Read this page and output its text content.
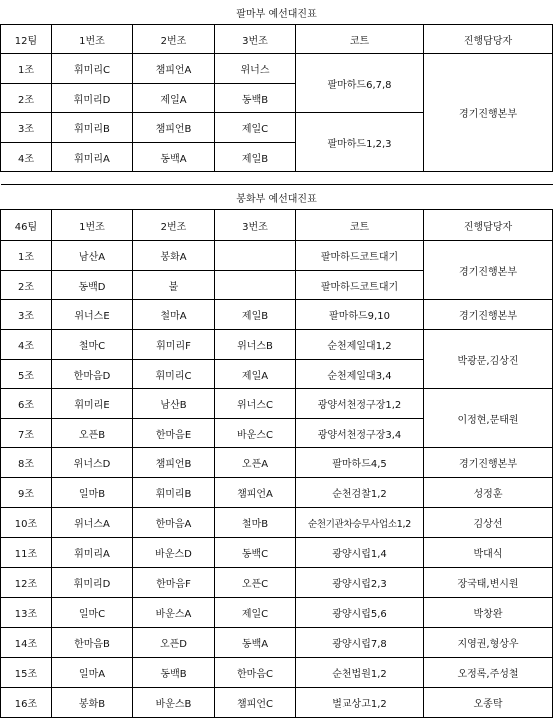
팔마부 예선대진표					
12팀	1번조	2번조	3번조	코트	진행담당자
1조	휘미리C	챔피언A	위너스	팔마하드6,7,8	경기진행본부
2조	휘미리D	제일A	동백B		
3조	휘미리B	챔피언B	제일C	팔마하드1,2,3	
4조	휘미리A	동백A	제일B		

봉화부 예선대진표					
46팀	1번조	2번조	3번조	코트	진행담당자
1조	남산A	봉화A		팔마하드코트대기	경기진행본부
2조	동백D	불		팔마하드코트대기	
3조	위너스E	철마A	제일B	팔마하드9,10	경기진행본부
4조	철마C	휘미리F	위너스B	순천제일대1,2	박광문,김상진
5조	한마음D	휘미리C	제일A	순천제일대3,4	
6조	휘미리E	남산B	위너스C	광양서천정구장1,2	이정현,문태원
7조	오픈B	한마음E	바운스C	광양서천정구장3,4	
8조	위너스D	챔피언B	오픈A	팔마하드4,5	경기진행본부
9조	일마B	휘미리B	챔피언A	순천검찰1,2	성정훈
10조	위너스A	한마음A	철마B	순천기관차승무사업소1,2	김상선
11조	휘미리A	바운스D	동백C	광양시립1,4	박대식
12조	휘미리D	한마음F	오픈C	광양시립2,3	장국태,변시원
13조	일마C	바운스A	제일C	광양시립5,6	박창완
14조	한마음B	오픈D	동백A	광양시립7,8	지영권,형상우
15조	일마A	동백B	한마음C	순천법원1,2	오정록,주성철
16조	봉화B	바운스B	챔피언C	벌교상고1,2	오종탁
